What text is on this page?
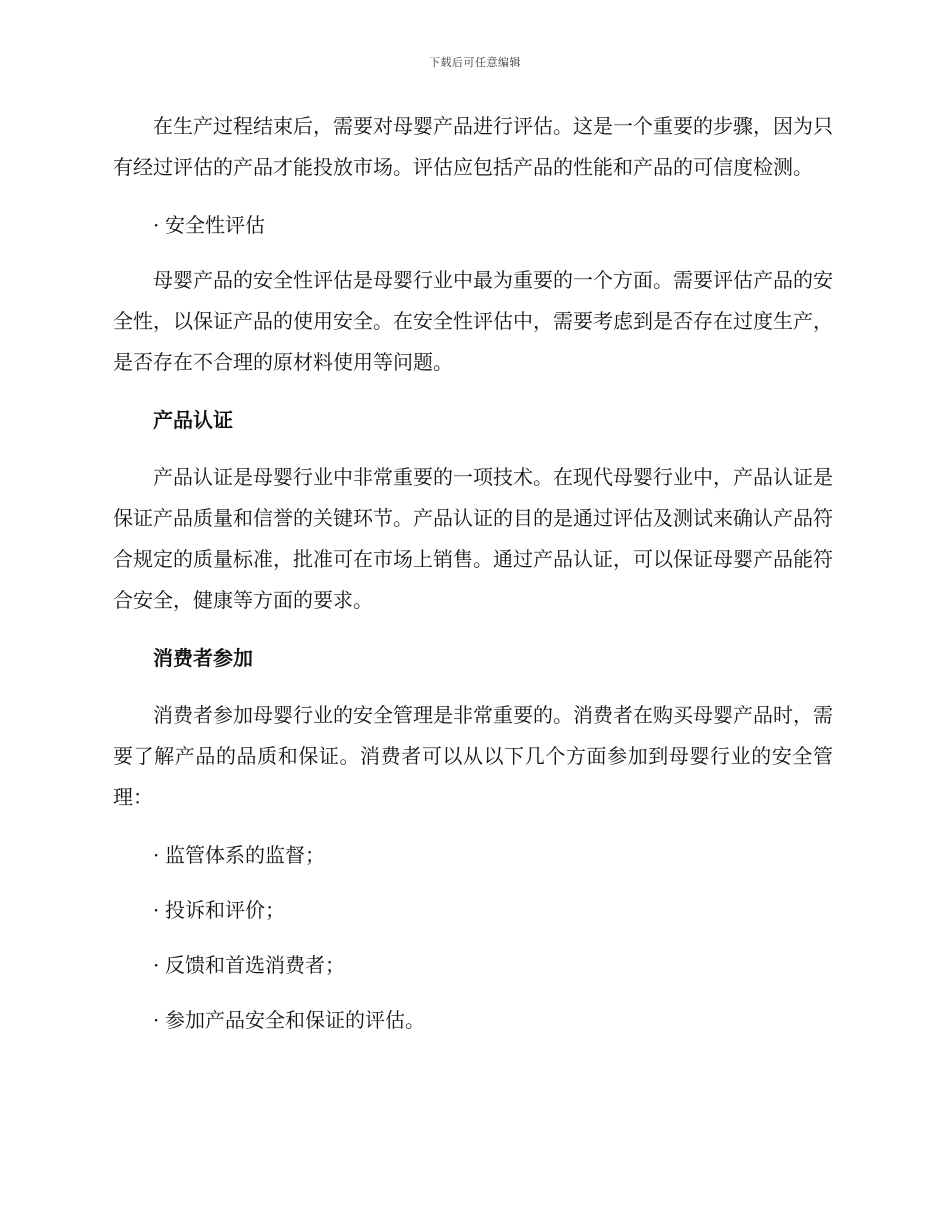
下载后可任意编辑

在生产过程结束后，需要对母婴产品进行评估。这是一个重要的步骤，因为只有经过评估的产品才能投放市场。评估应包括产品的性能和产品的可信度检测。

· 安全性评估

母婴产品的安全性评估是母婴行业中最为重要的一个方面。需要评估产品的安全性，以保证产品的使用安全。在安全性评估中，需要考虑到是否存在过度生产，是否存在不合理的原材料使用等问题。

产品认证

产品认证是母婴行业中非常重要的一项技术。在现代母婴行业中，产品认证是保证产品质量和信誉的关键环节。产品认证的目的是通过评估及测试来确认产品符合规定的质量标准，批准可在市场上销售。通过产品认证，可以保证母婴产品能符合安全，健康等方面的要求。

消费者参加

消费者参加母婴行业的安全管理是非常重要的。消费者在购买母婴产品时，需要了解产品的品质和保证。消费者可以从以下几个方面参加到母婴行业的安全管理：

· 监管体系的监督；
· 投诉和评价；
· 反馈和首选消费者；
· 参加产品安全和保证的评估。
